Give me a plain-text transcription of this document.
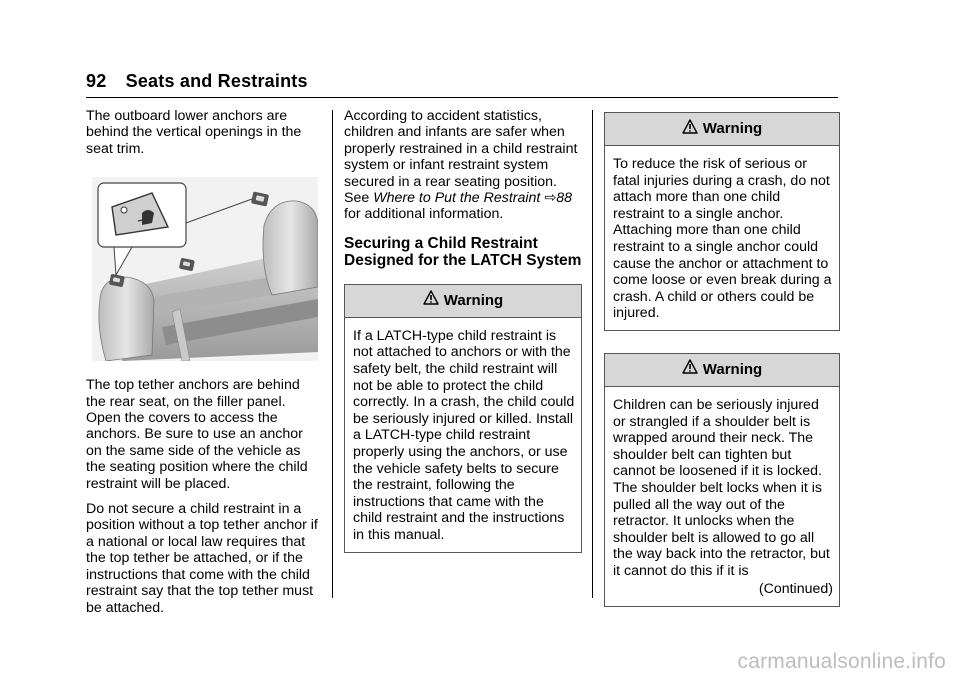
92 Seats and Restraints

The outboard lower anchors are behind the vertical openings in the seat trim.

The top tether anchors are behind the rear seat, on the filler panel. Open the covers to access the anchors. Be sure to use an anchor on the same side of the vehicle as the seating position where the child restraint will be placed.

Do not secure a child restraint in a position without a top tether anchor if a national or local law requires that the top tether be attached, or if the instructions that come with the child restraint say that the top tether must be attached.

According to accident statistics, children and infants are safer when properly restrained in a child restraint system or infant restraint system secured in a rear seating position. See Where to Put the Restraint ⇨88 for additional information.

Securing a Child Restraint Designed for the LATCH System
Warning
If a LATCH-type child restraint is not attached to anchors or with the safety belt, the child restraint will not be able to protect the child correctly. In a crash, the child could be seriously injured or killed. Install a LATCH-type child restraint properly using the anchors, or use the vehicle safety belts to secure the restraint, following the instructions that came with the child restraint and the instructions in this manual.
Warning
To reduce the risk of serious or fatal injuries during a crash, do not attach more than one child restraint to a single anchor. Attaching more than one child restraint to a single anchor could cause the anchor or attachment to come loose or even break during a crash. A child or others could be injured.
Warning
Children can be seriously injured or strangled if a shoulder belt is wrapped around their neck. The shoulder belt can tighten but cannot be loosened if it is locked. The shoulder belt locks when it is pulled all the way out of the retractor. It unlocks when the shoulder belt is allowed to go all the way back into the retractor, but it cannot do this if it is
(Continued)
carmanualsonline.info
